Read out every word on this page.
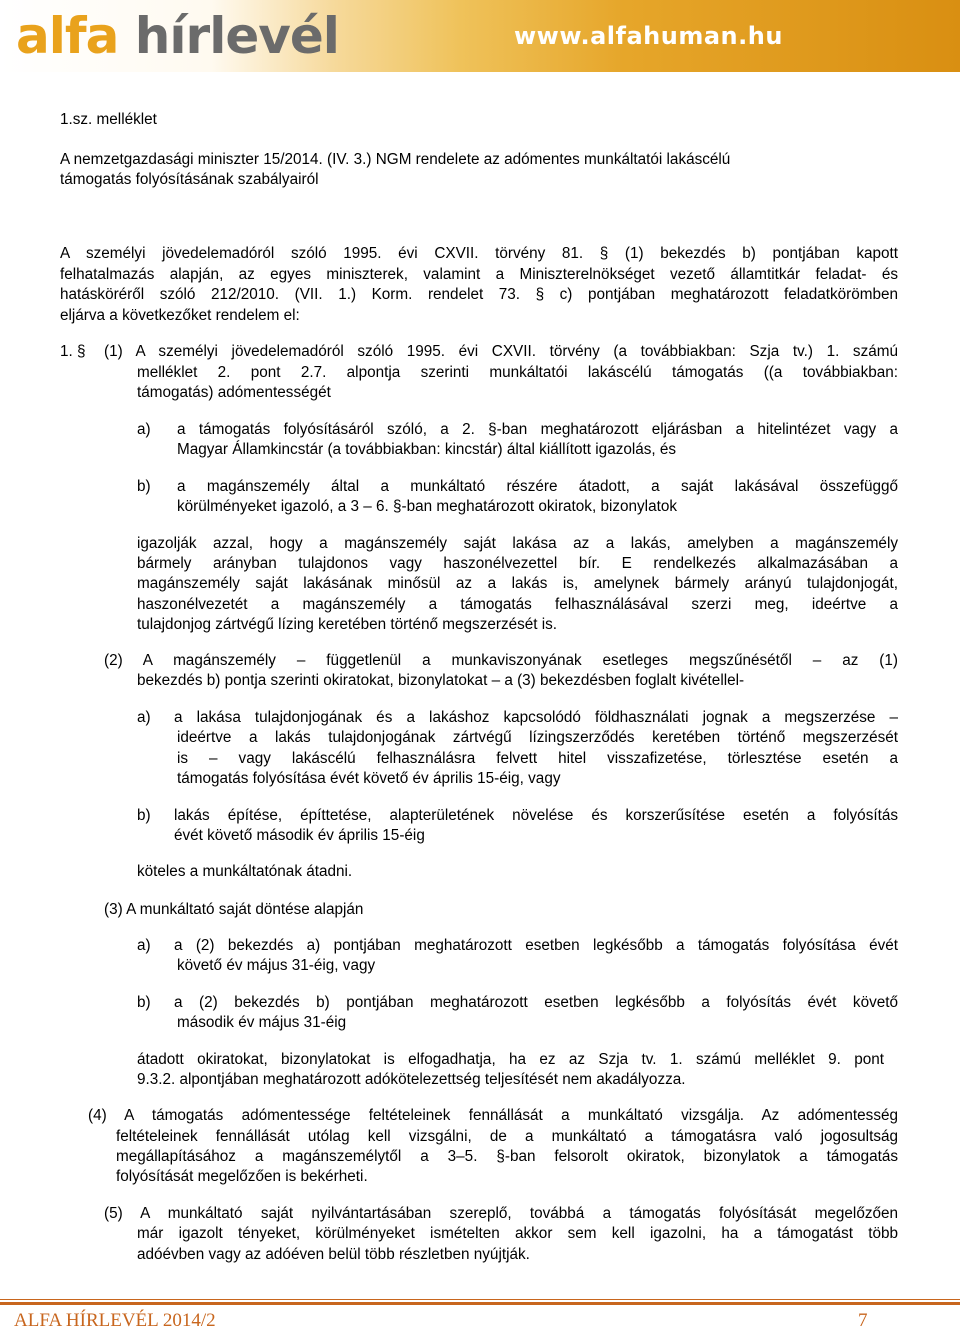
alfa hírlevél	www.alfahuman.hu
1.sz. melléklet
A nemzetgazdasági miniszter 15/2014. (IV. 3.) NGM rendelete az adómentes munkáltatói lakáscélú
támogatás folyósításának szabályairól
A személyi jövedelemadóról szóló 1995. évi CXVII. törvény 81. § (1) bekezdés b) pontjában kapott
felhatalmazás alapján, az egyes miniszterek, valamint a Miniszterelnökséget vezető államtitkár feladat- és
hatásköréről szóló 212/2010. (VII. 1.) Korm. rendelet 73. § c) pontjában meghatározott feladatkörömben
eljárva a következőket rendelem el:
1. § (1) A személyi jövedelemadóról szóló 1995. évi CXVII. törvény (a továbbiakban: Szja tv.) 1. számú
melléklet 2. pont 2.7. alpontja szerinti munkáltatói lakáscélú támogatás ((a továbbiakban:
támogatás) adómentességét
a) a támogatás folyósításáról szóló, a 2. §-ban meghatározott eljárásban a hitelintézet vagy a
Magyar Államkincstár (a továbbiakban: kincstár) által kiállított igazolás, és
b) a magánszemély által a munkáltató részére átadott, a saját lakásával összefüggő
körülményeket igazoló, a 3 – 6. §-ban meghatározott okiratok, bizonylatok
igazolják azzal, hogy a magánszemély saját lakása az a lakás, amelyben a magánszemély
bármely arányban tulajdonos vagy haszonélvezettel bír. E rendelkezés alkalmazásában a
magánszemély saját lakásának minősül az a lakás is, amelynek bármely arányú tulajdonjogát,
haszonélvezetét a magánszemély a támogatás felhasználásával szerzi meg, ideértve a
tulajdonjog zártvégű lízing keretében történő megszerzését is.
(2) A magánszemély – függetlenül a munkaviszonyának esetleges megszűnésétől – az (1)
bekezdés b) pontja szerinti okiratokat, bizonylatokat – a (3) bekezdésben foglalt kivétellel-
a) a lakása tulajdonjogának és a lakáshoz kapcsolódó földhasználati jognak a megszerzése –
ideértve a lakás tulajdonjogának zártvégű lízingszerződés keretében történő megszerzését
is – vagy lakáscélú felhasználásra felvett hitel visszafizetése, törlesztése esetén a
támogatás folyósítása évét követő év április 15-éig, vagy
b) lakás építése, építtetése, alapterületének növelése és korszerűsítése esetén a folyósítás
évét követő második év április 15-éig
köteles a munkáltatónak átadni.
(3) A munkáltató saját döntése alapján
a) a (2) bekezdés a) pontjában meghatározott esetben legkésőbb a támogatás folyósítása évét
követő év május 31-éig, vagy
b) a (2) bekezdés b) pontjában meghatározott esetben legkésőbb a folyósítás évét követő
második év május 31-éig
átadott okiratokat, bizonylatokat is elfogadhatja, ha ez az Szja tv. 1. számú melléklet 9. pont
9.3.2. alpontjában meghatározott adókötelezettség teljesítését nem akadályozza.
(4) A támogatás adómentessége feltételeinek fennállását a munkáltató vizsgálja. Az adómentesség
feltételeinek fennállását utólag kell vizsgálni, de a munkáltató a támogatásra való jogosultság
megállapításához a magánszemélytől a 3–5. §-ban felsorolt okiratok, bizonylatok a támogatás
folyósítását megelőzően is bekérheti.
(5) A munkáltató saját nyilvántartásában szereplő, továbbá a támogatás folyósítását megelőzően
már igazolt tényeket, körülményeket ismételten akkor sem kell igazolni, ha a támogatást több
adóévben vagy az adóéven belül több részletben nyújtják.
ALFA HÍRLEVÉL 2014/2	7
